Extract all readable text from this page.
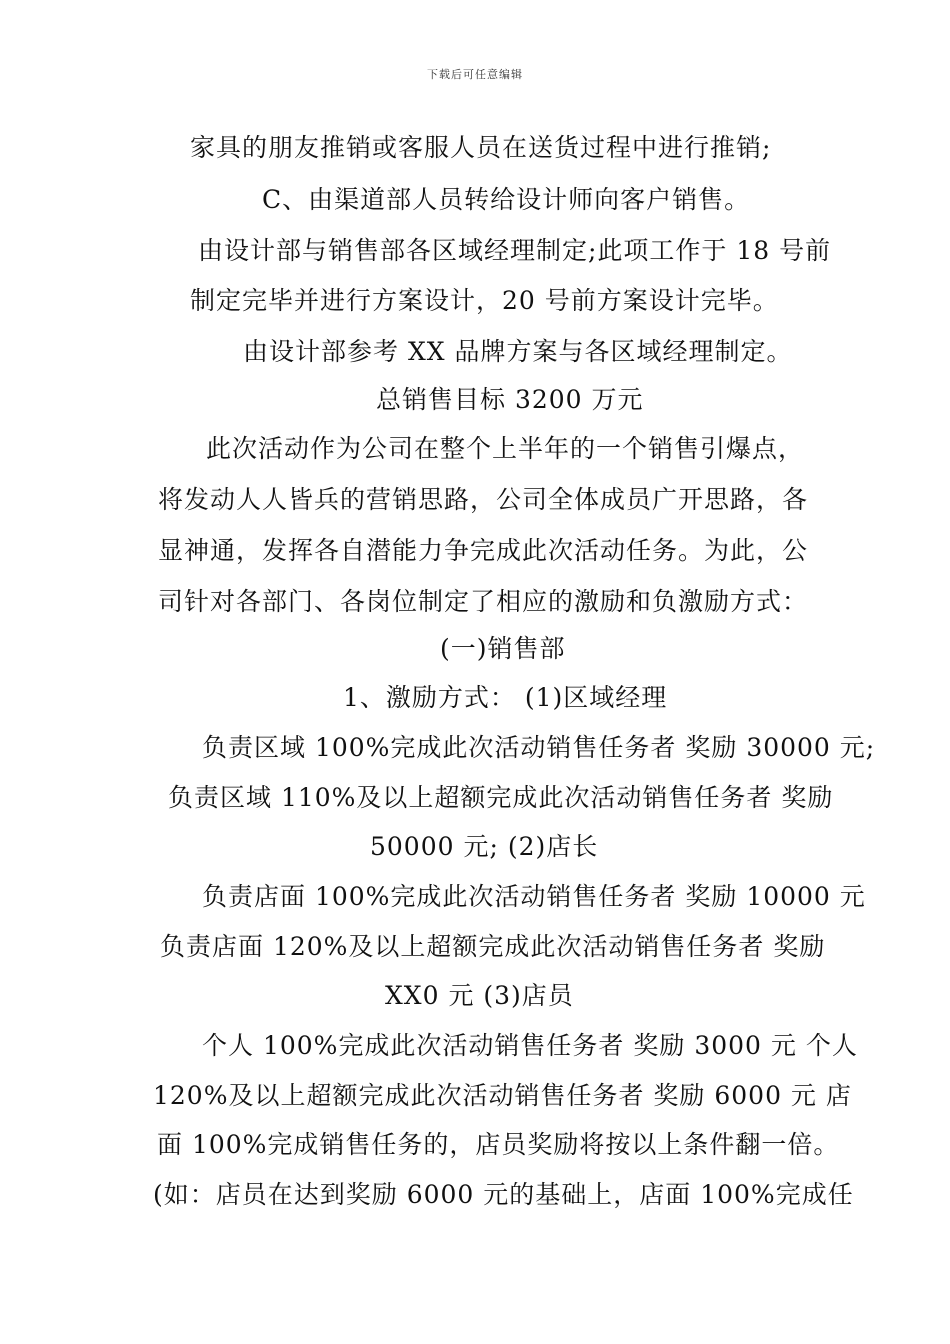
下载后可任意编辑
家具的朋友推销或客服人员在送货过程中进行推销;
C、由渠道部人员转给设计师向客户销售。
由设计部与销售部各区域经理制定;此项工作于 18 号前
制定完毕并进行方案设计，20 号前方案设计完毕。
由设计部参考 XX 品牌方案与各区域经理制定。
总销售目标 3200 万元
此次活动作为公司在整个上半年的一个销售引爆点，
将发动人人皆兵的营销思路，公司全体成员广开思路，各
显神通，发挥各自潜能力争完成此次活动任务。为此，公
司针对各部门、各岗位制定了相应的激励和负激励方式：
(一)销售部
1、激励方式： (1)区域经理
负责区域 100%完成此次活动销售任务者 奖励 30000 元;
负责区域 110%及以上超额完成此次活动销售任务者 奖励
50000 元; (2)店长
负责店面 100%完成此次活动销售任务者 奖励 10000 元
负责店面 120%及以上超额完成此次活动销售任务者 奖励
XX0 元 (3)店员
个人 100%完成此次活动销售任务者 奖励 3000 元 个人
120%及以上超额完成此次活动销售任务者 奖励 6000 元 店
面 100%完成销售任务的，店员奖励将按以上条件翻一倍。
(如：店员在达到奖励 6000 元的基础上，店面 100%完成任
